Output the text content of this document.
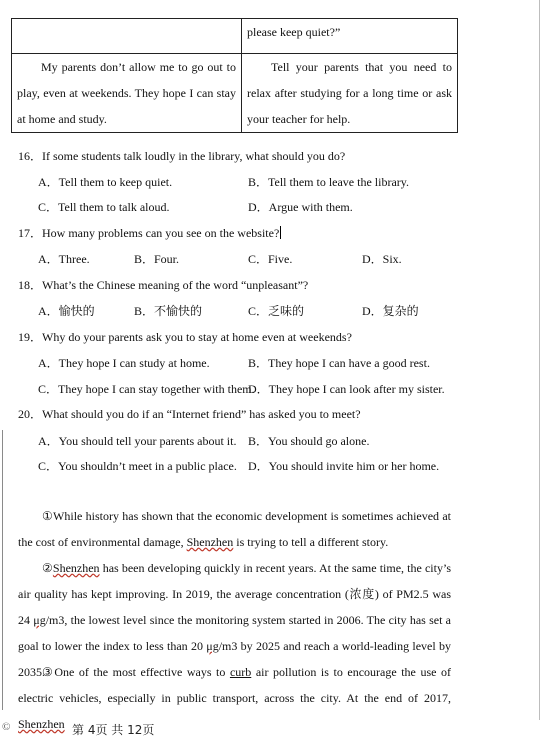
	please keep quiet?”
My parents don’t allow me to go out to play, even at weekends. They hope I can stay at home and study.	Tell your parents that you need to relax after studying for a long time or ask your teacher for help.
16．If some students talk loudly in the library, what should you do?
A．Tell them to keep quiet.	B．Tell them to leave the library.
C．Tell them to talk aloud.	D．Argue with them.
17．How many problems can you see on the website?
A．Three.	B．Four.	C．Five.	D．Six.
18．What’s the Chinese meaning of the word “unpleasant”?
A．愉快的	B．不愉快的	C．乏味的	D．复杂的
19．Why do your parents ask you to stay at home even at weekends?
A．They hope I can study at home.	B．They hope I can have a good rest.
C．They hope I can stay together with them.
D．They hope I can look after my sister.
20．What should you do if an “Internet friend” has asked you to meet?
A．You should tell your parents about it. B．You should go alone.
C．You shouldn’t meet in a public place. D．You should invite him or her home.
①While history has shown that the economic development is sometimes achieved at the cost of environmental damage, Shenzhen is trying to tell a different story.
②Shenzhen has been developing quickly in recent years. At the same time, the city’s air quality has kept improving. In 2019, the average concentration (浓度) of PM2.5 was 24 μg/m3, the lowest level since the monitoring system started in 2006. The city has set a goal to lower the index to less than 20 μg/m3 by 2025 and reach a world-leading level by 2035.
③One of the most effective ways to curb air pollution is to encourage the use of electric vehicles, especially in public transport, across the city. At the end of 2017, Shenzhen
©	第 4页 共 12页
